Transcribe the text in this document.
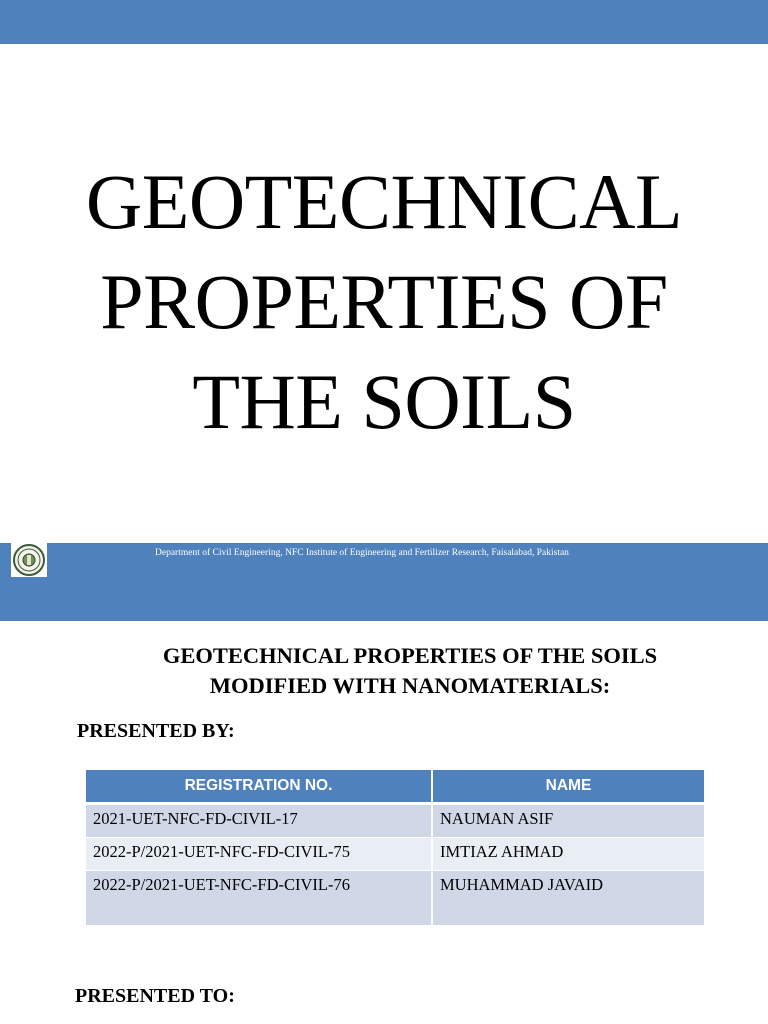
GEOTECHNICAL
PROPERTIES OF
THE SOILS
Department of Civil Engineering, NFC Institute of Engineering and Fertilizer Research, Faisalabad, Pakistan
GEOTECHNICAL PROPERTIES OF THE SOILS
MODIFIED WITH NANOMATERIALS:
PRESENTED BY:
REGISTRATION NO.	NAME
2021-UET-NFC-FD-CIVIL-17	NAUMAN ASIF
2022-P/2021-UET-NFC-FD-CIVIL-75	IMTIAZ AHMAD
2022-P/2021-UET-NFC-FD-CIVIL-76	MUHAMMAD JAVAID
PRESENTED TO:
